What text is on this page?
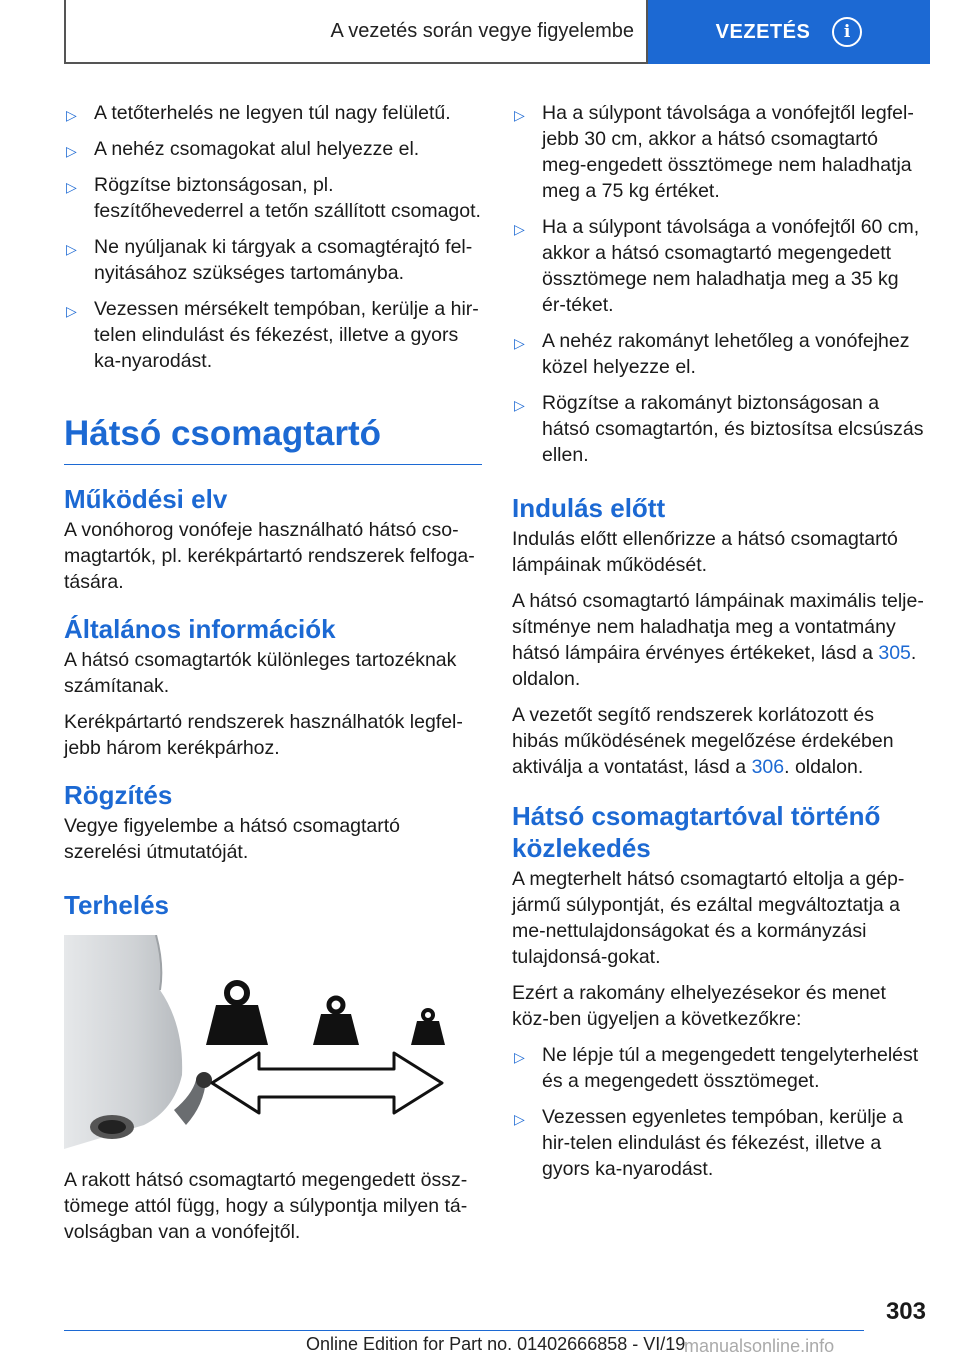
A vezetés során vegye figyelembe	VEZETÉS	i
▷ A tetőterhelés ne legyen túl nagy felületű.
▷ A nehéz csomagokat alul helyezze el.
▷ Rögzítse biztonságosan, pl. feszítőhevederrel a tetőn szállított csomagot.
▷ Ne nyúljanak ki tárgyak a csomagtérajtó fel-nyitásához szükséges tartományba.
▷ Vezessen mérsékelt tempóban, kerülje a hir-telen elindulást és fékezést, illetve a gyors ka-nyarodást.
Hátsó csomagtartó
Működési elv

A vonóhorog vonófeje használható hátsó cso-magtartók, pl. kerékpártartó rendszerek felfoga-tására.

Általános információk

A hátsó csomagtartók különleges tartozéknak számítanak.

Kerékpártartó rendszerek használhatók legfel-jebb három kerékpárhoz.

Rögzítés

Vegye figyelembe a hátsó csomagtartó szerelési útmutatóját.

Terhelés

A rakott hátsó csomagtartó megengedett össz-tömege attól függ, hogy a súlypontja milyen tá-volságban van a vonófejtől.

▷ Ha a súlypont távolsága a vonófejtől legfel-jebb 30 cm, akkor a hátsó csomagtartó meg-engedett össztömege nem haladhatja meg a 75 kg értéket.
▷ Ha a súlypont távolsága a vonófejtől 60 cm, akkor a hátsó csomagtartó megengedett össztömege nem haladhatja meg a 35 kg ér-téket.
▷ A nehéz rakományt lehetőleg a vonófejhez közel helyezze el.
▷ Rögzítse a rakományt biztonságosan a hátsó csomagtartón, és biztosítsa elcsúszás ellen.
Indulás előtt

Indulás előtt ellenőrizze a hátsó csomagtartó lámpáinak működését.

A hátsó csomagtartó lámpáinak maximális telje-sítménye nem haladhatja meg a vontatmány hátsó lámpáira érvényes értékeket, lásd a 305. oldalon.

A vezetőt segítő rendszerek korlátozott és hibás működésének megelőzése érdekében aktiválja a vontatást, lásd a 306. oldalon.

Hátsó csomagtartóval történő közlekedés

A megterhelt hátsó csomagtartó eltolja a gép-jármű súlypontját, és ezáltal megváltoztatja a me-nettulajdonságokat és a kormányzási tulajdonsá-gokat.

Ezért a rakomány elhelyezésekor és menet köz-ben ügyeljen a következőkre:

▷ Ne lépje túl a megengedett tengelyterhelést és a megengedett össztömeget.
▷ Vezessen egyenletes tempóban, kerülje a hir-telen elindulást és fékezést, illetve a gyors ka-nyarodást.
303
Online Edition for Part no. 01402666858 - VI/19
manualsonline.info
